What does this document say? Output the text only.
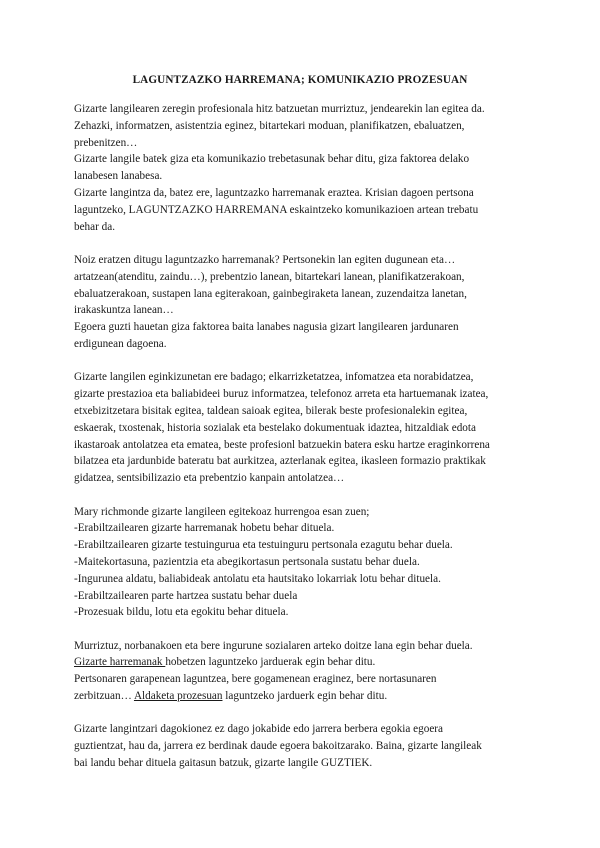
LAGUNTZAZKO HARREMANA; KOMUNIKAZIO PROZESUAN
Gizarte langilearen zeregin profesionala hitz batzuetan murriztuz, jendearekin lan egitea da.
Zehazki, informatzen, asistentzia eginez, bitartekari moduan, planifikatzen, ebaluatzen,
prebenitzen…
Gizarte langile batek giza eta komunikazio trebetasunak behar ditu, giza faktorea delako
lanabesen lanabesa.
Gizarte langintza da, batez ere, laguntzazko harremanak eraztea. Krisian dagoen pertsona
laguntzeko, LAGUNTZAZKO HARREMANA eskaintzeko komunikazioen artean trebatu
behar da.
Noiz eratzen ditugu laguntzazko harremanak? Pertsonekin lan egiten dugunean eta…
artatzean(atenditu, zaindu…), prebentzio lanean, bitartekari lanean, planifikatzerakoan,
ebaluatzerakoan, sustapen lana egiterakoan, gainbegiraketa lanean, zuzendaitza lanetan,
irakaskuntza lanean…
Egoera guzti hauetan giza faktorea baita lanabes nagusia gizart langilearen jardunaren
erdigunean dagoena.
Gizarte langilen eginkizunetan ere badago; elkarrizketatzea, infomatzea eta norabidatzea,
gizarte prestazioa eta baliabideei buruz informatzea, telefonoz arreta eta hartuemanak izatea,
etxebizitzetara bisitak egitea, taldean saioak egitea, bilerak beste profesionalekin egitea,
eskaerak, txostenak, historia sozialak eta bestelako dokumentuak idaztea, hitzaldiak edota
ikastaroak antolatzea eta ematea, beste profesionl batzuekin batera esku hartze eraginkorrena
bilatzea eta jardunbide bateratu bat aurkitzea, azterlanak egitea, ikasleen formazio praktikak
gidatzea, sentsibilizazio eta prebentzio kanpain antolatzea…
Mary richmonde gizarte langileen egitekoaz hurrengoa esan zuen;
-Erabiltzailearen gizarte harremanak hobetu behar dituela.
-Erabiltzailearen gizarte testuingurua eta testuinguru pertsonala ezagutu behar duela.
-Maitekortasuna, pazientzia eta abegikortasun pertsonala sustatu behar duela.
-Ingurunea aldatu, baliabideak antolatu eta hautsitako lokarriak lotu behar dituela.
-Erabiltzailearen parte hartzea sustatu behar duela
-Prozesuak bildu, lotu eta egokitu behar dituela.
Murriztuz, norbanakoen eta bere ingurune sozialaren arteko doitze lana egin behar duela.
Gizarte harremanak hobetzen laguntzeko jarduerak egin behar ditu.
Pertsonaren garapenean laguntzea, bere gogamenean eraginez, bere nortasunaren
zerbitzuan… Aldaketa prozesuan laguntzeko jarduerk egin behar ditu.
Gizarte langintzari dagokionez ez dago jokabide edo jarrera berbera egokia egoera
guztientzat, hau da, jarrera ez berdinak daude egoera bakoitzarako. Baina, gizarte langileak
bai landu behar dituela gaitasun batzuk, gizarte langile GUZTIEK.
